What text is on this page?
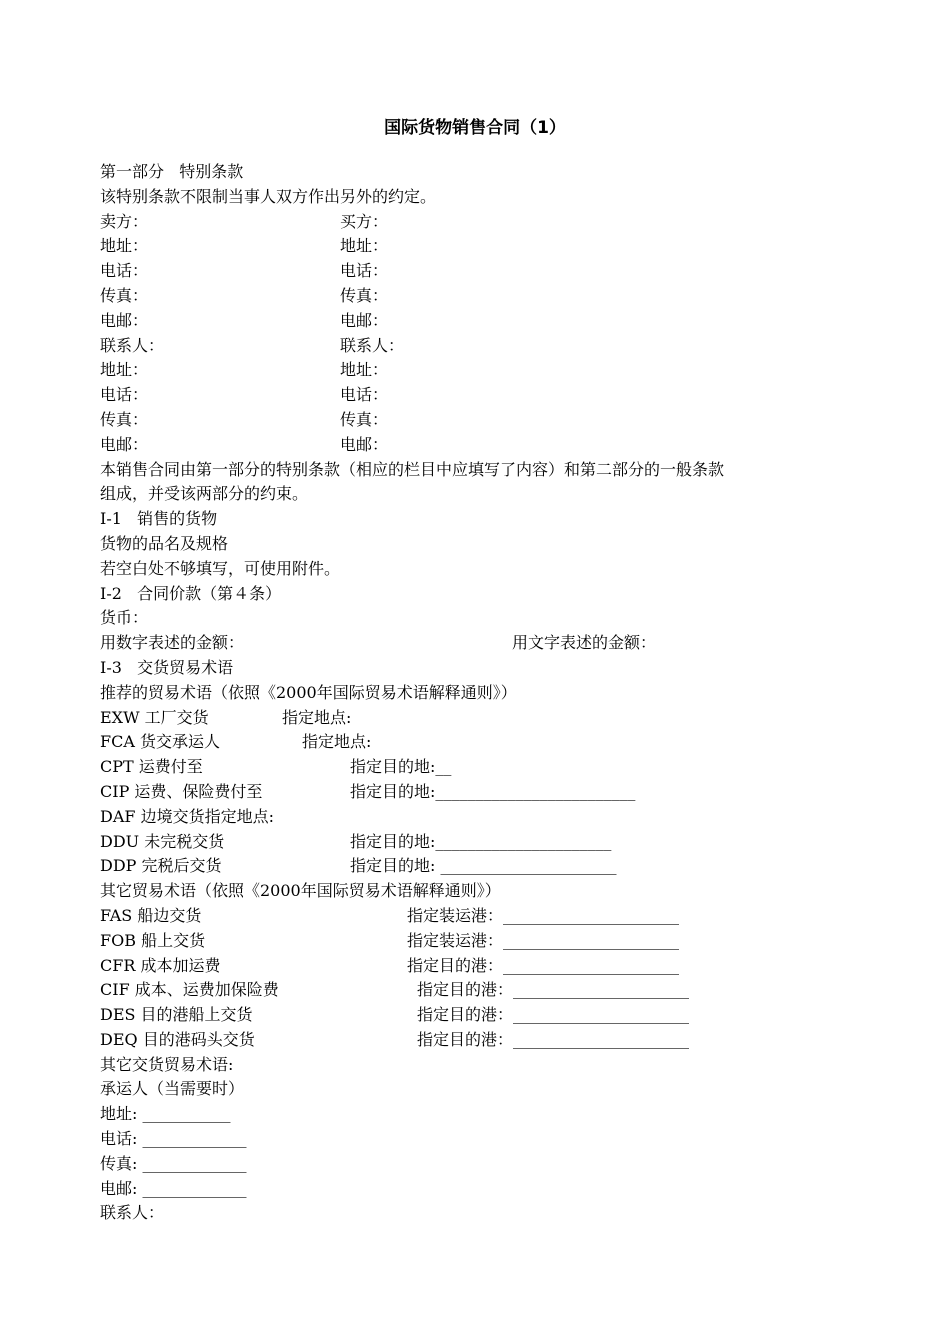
国际货物销售合同（1）
第一部分   特别条款
该特别条款不限制当事人双方作出另外的约定。
卖方：	买方：
地址：	地址：
电话：	电话：
传真：	传真：
电邮：	电邮：
联系人：	联系人：
地址：	地址：
电话：	电话：
传真：	传真：
电邮：	电邮：
本销售合同由第一部分的特别条款（相应的栏目中应填写了内容）和第二部分的一般条款
组成，并受该两部分的约束。
I-1   销售的货物
货物的品名及规格
若空白处不够填写，可使用附件。
I-2   合同价款（第４条）
货币：
用数字表述的金额：	用文字表述的金额：
I-3   交货贸易术语
推荐的贸易术语（依照《2000年国际贸易术语解释通则》）
EXW 工厂交货	指定地点:
FCA 货交承运人	指定地点:
CPT 运费付至	指定目的地:__
CIP 运费、保险费付至	指定目的地:_________________________
DAF 边境交货指定地点:
DDU 未完税交货	指定目的地:______________________
DDP 完税后交货	指定目的地: ______________________
其它贸易术语（依照《2000年国际贸易术语解释通则》）
FAS 船边交货	指定装运港：______________________
FOB 船上交货	指定装运港：______________________
CFR 成本加运费	指定目的港：______________________
CIF 成本、运费加保险费	指定目的港：______________________
DES 目的港船上交货	指定目的港：______________________
DEQ 目的港码头交货	指定目的港：______________________
其它交货贸易术语:
承运人（当需要时）
地址: ___________
电话: _____________
传真: _____________
电邮: _____________
联系人：
